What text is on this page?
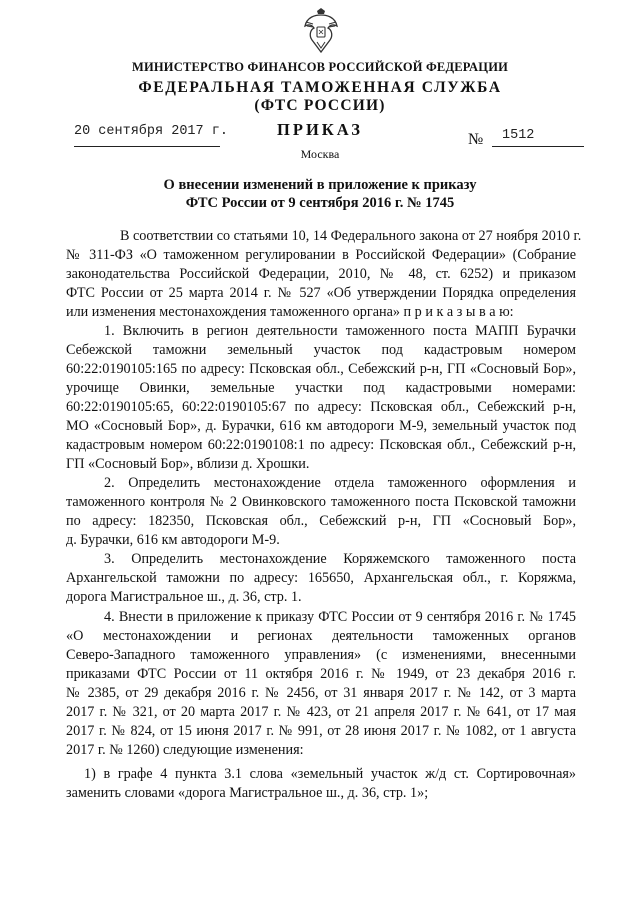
МИНИСТЕРСТВО ФИНАНСОВ РОССИЙСКОЙ ФЕДЕРАЦИИ
ФЕДЕРАЛЬНАЯ ТАМОЖЕННАЯ СЛУЖБА
(ФТС РОССИИ)
ПРИКАЗ
20 сентября 2017 г.	№ 1512
Москва
О внесении изменений в приложение к приказу
ФТС России от 9 сентября 2016 г. № 1745
В соответствии со статьями 10, 14 Федерального закона от 27 ноября 2010 г.
№ 311-ФЗ «О таможенном регулировании в Российской Федерации» (Собрание
законодательства Российской Федерации, 2010, № 48, ст. 6252) и приказом
ФТС России от 25 марта 2014 г. № 527 «Об утверждении Порядка определения
или изменения местонахождения таможенного органа» п р и к а з ы в а ю:
1. Включить в регион деятельности таможенного поста МАПП Бурачки
Себежской таможни земельный участок под кадастровым номером
60:22:0190105:165 по адресу: Псковская обл., Себежский р-н, ГП «Сосновый Бор»,
урочище Овинки, земельные участки под кадастровыми номерами:
60:22:0190105:65, 60:22:0190105:67 по адресу: Псковская обл., Себежский р-н,
МО «Сосновый Бор», д. Бурачки, 616 км автодороги М-9, земельный участок под
кадастровым номером 60:22:0190108:1 по адресу: Псковская обл., Себежский р-н,
ГП «Сосновый Бор», вблизи д. Хрошки.
2. Определить местонахождение отдела таможенного оформления и
таможенного контроля № 2 Овинковского таможенного поста Псковской таможни
по адресу: 182350, Псковская обл., Себежский р-н, ГП «Сосновый Бор»,
д. Бурачки, 616 км автодороги М-9.
3. Определить местонахождение Коряжемского таможенного поста
Архангельской таможни по адресу: 165650, Архангельская обл., г. Коряжма,
дорога Магистральное ш., д. 36, стр. 1.
4. Внести в приложение к приказу ФТС России от 9 сентября 2016 г. № 1745
«О местонахождении и регионах деятельности таможенных органов
Северо-Западного таможенного управления» (с изменениями, внесенными
приказами ФТС России от 11 октября 2016 г. № 1949, от 23 декабря 2016 г.
№ 2385, от 29 декабря 2016 г. № 2456, от 31 января 2017 г. № 142, от 3 марта
2017 г. № 321, от 20 марта 2017 г. № 423, от 21 апреля 2017 г. № 641, от 17 мая
2017 г. № 824, от 15 июня 2017 г. № 991, от 28 июня 2017 г. № 1082, от 1 августа
2017 г. № 1260) следующие изменения:
1) в графе 4 пункта 3.1 слова «земельный участок ж/д ст. Сортировочная»
заменить словами «дорога Магистральное ш., д. 36, стр. 1»;
